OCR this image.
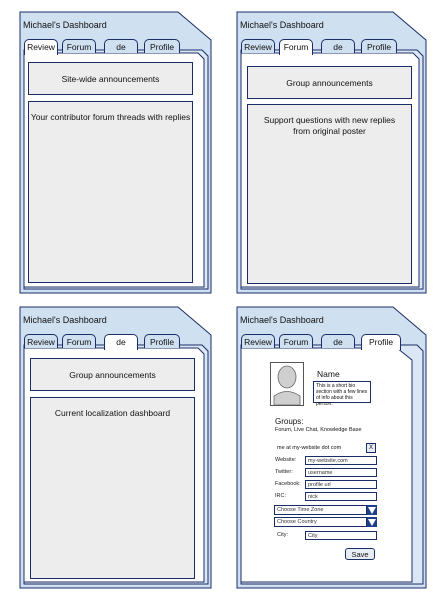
Michael's Dashboard
Review	Forum	de	Profile
Site-wide announcements
Your contributor forum threads with replies
Michael's Dashboard
Review	Forum	de	Profile
Group announcements
Support questions with new replies from original poster
Michael's Dashboard
Review	Forum	de	Profile
Group announcements
Current localization dashboard
Michael's Dashboard
Review	Forum	de	Profile
Name
This is a short bio section with a few lines of info about this person.
Groups:
Forum, Live Chat, Knowledge Base
me at my-website dot com	X
Website:	my-website.com
Twitter:	username
Facebook:	profile url
IRC:	nick
Choose Time Zone
Choose Country
City:	City
Save
